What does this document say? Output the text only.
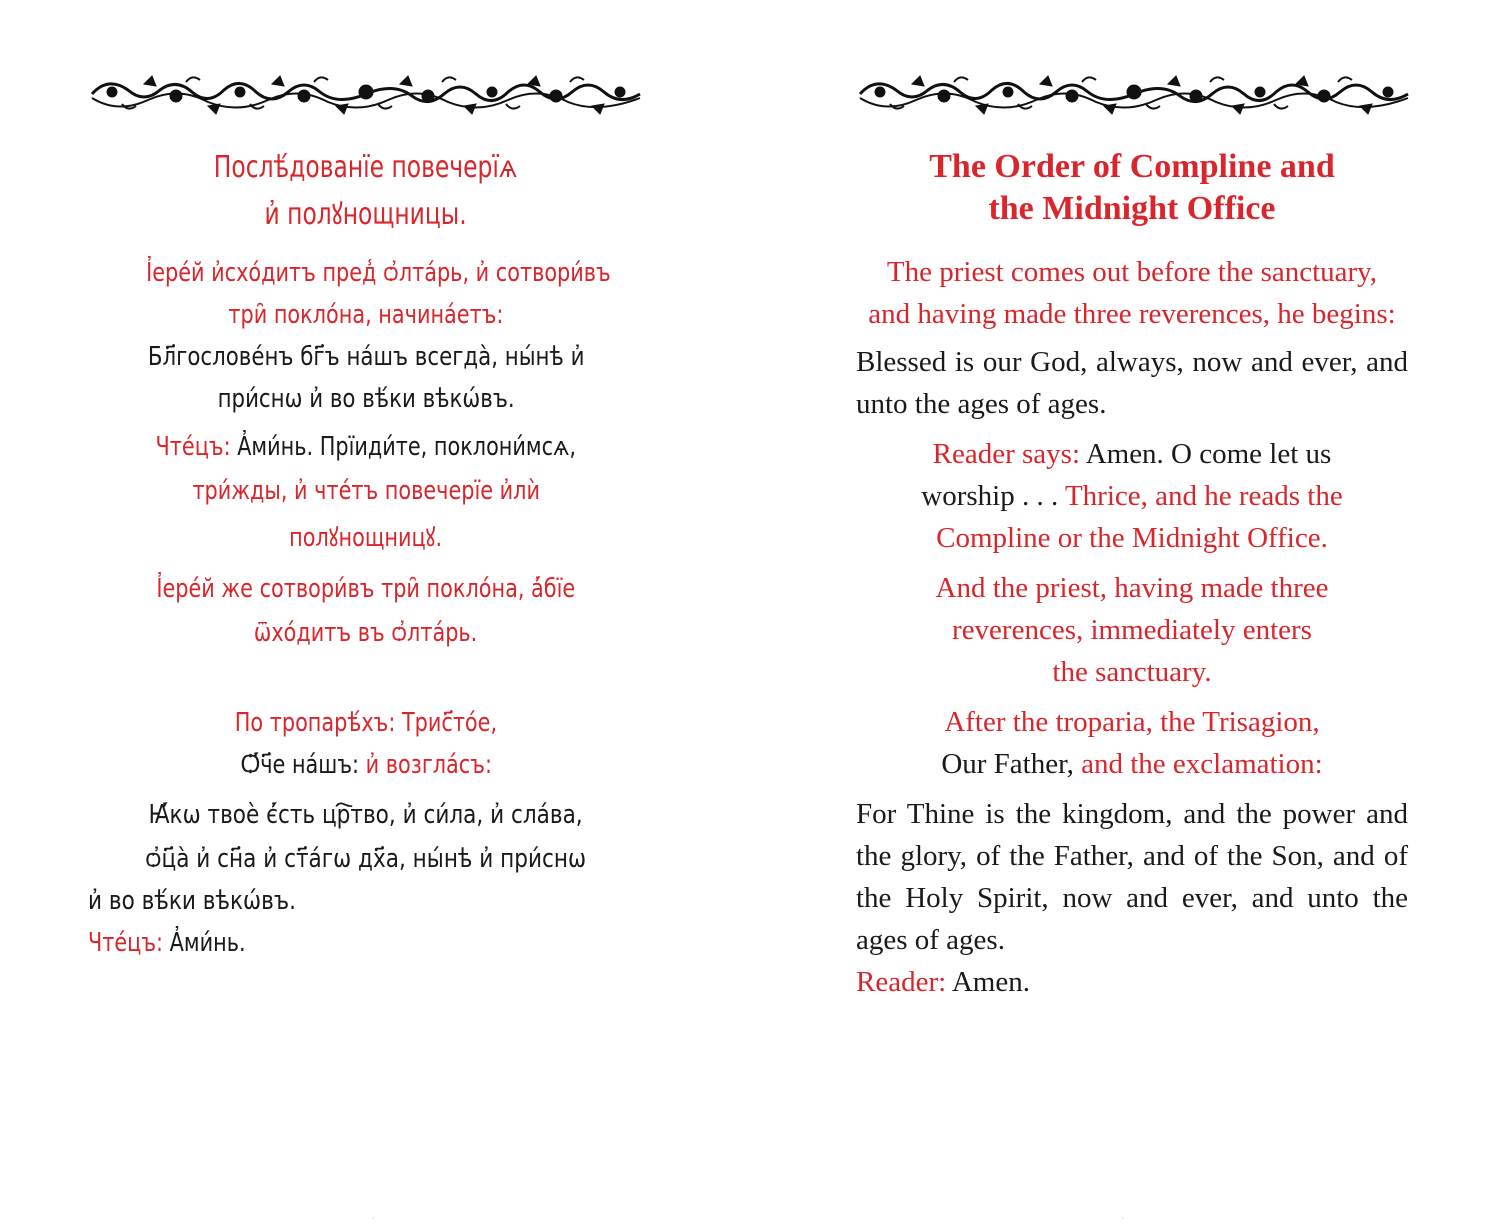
Послѣ́дованїе повечерїѧ
и҆ полꙋнощницы.
І҆ере́й и҆схо́дитъ пред̾ ѻ҆лта́рь, и҆ сотвори́въ
три̑ покло́на, начина́етъ:
Бл҃гослове́нъ бг҃ъ на́шъ всегда̀, ны́нѣ и҆
при́снѡ и҆ во вѣ́ки вѣкѡ́въ.
Чте́цъ: А҆ми́нь. Прїиди́те, поклони́мсѧ,
три́жды, и҆ чте́тъ повечерїе и҆лѝ
полꙋнощницꙋ.
І҆ере́й же сотвори́въ три̑ покло́на, а҆́бїе
ѿхо́дитъ въ ѻ҆лта́рь.
По тропарѣ́хъ: Трис҃то́е,
Ѻ҆́ч҃е на́шъ: и҆ возгла́съ:
Ꙗ҆́кѡ твоѐ є҆́сть цр҇тво, и҆ си́ла, и҆ сла́ва,
ѻ҆ц҃а̀ и҆ сн҃а и҆ ст҃а́гѡ дх҃а, ны́нѣ и҆ при́снѡ
и҆ во вѣ́ки вѣкѡ́въ.
Чте́цъ: А҆ми́нь.
·
The Order of Compline and
the Midnight Office
The priest comes out before the sanctuary,
and having made three reverences, he begins:
Blessed is our God, always, now and ever, and
unto the ages of ages.
Reader says: Amen. O come let us
worship . . . Thrice, and he reads the
Compline or the Midnight Office.
And the priest, having made three
reverences, immediately enters
the sanctuary.
After the troparia, the Trisagion,
Our Father, and the exclamation:
For Thine is the kingdom, and the power and
the glory, of the Father, and of the Son, and of
the Holy Spirit, now and ever, and unto the
ages of ages.
Reader: Amen.
·
